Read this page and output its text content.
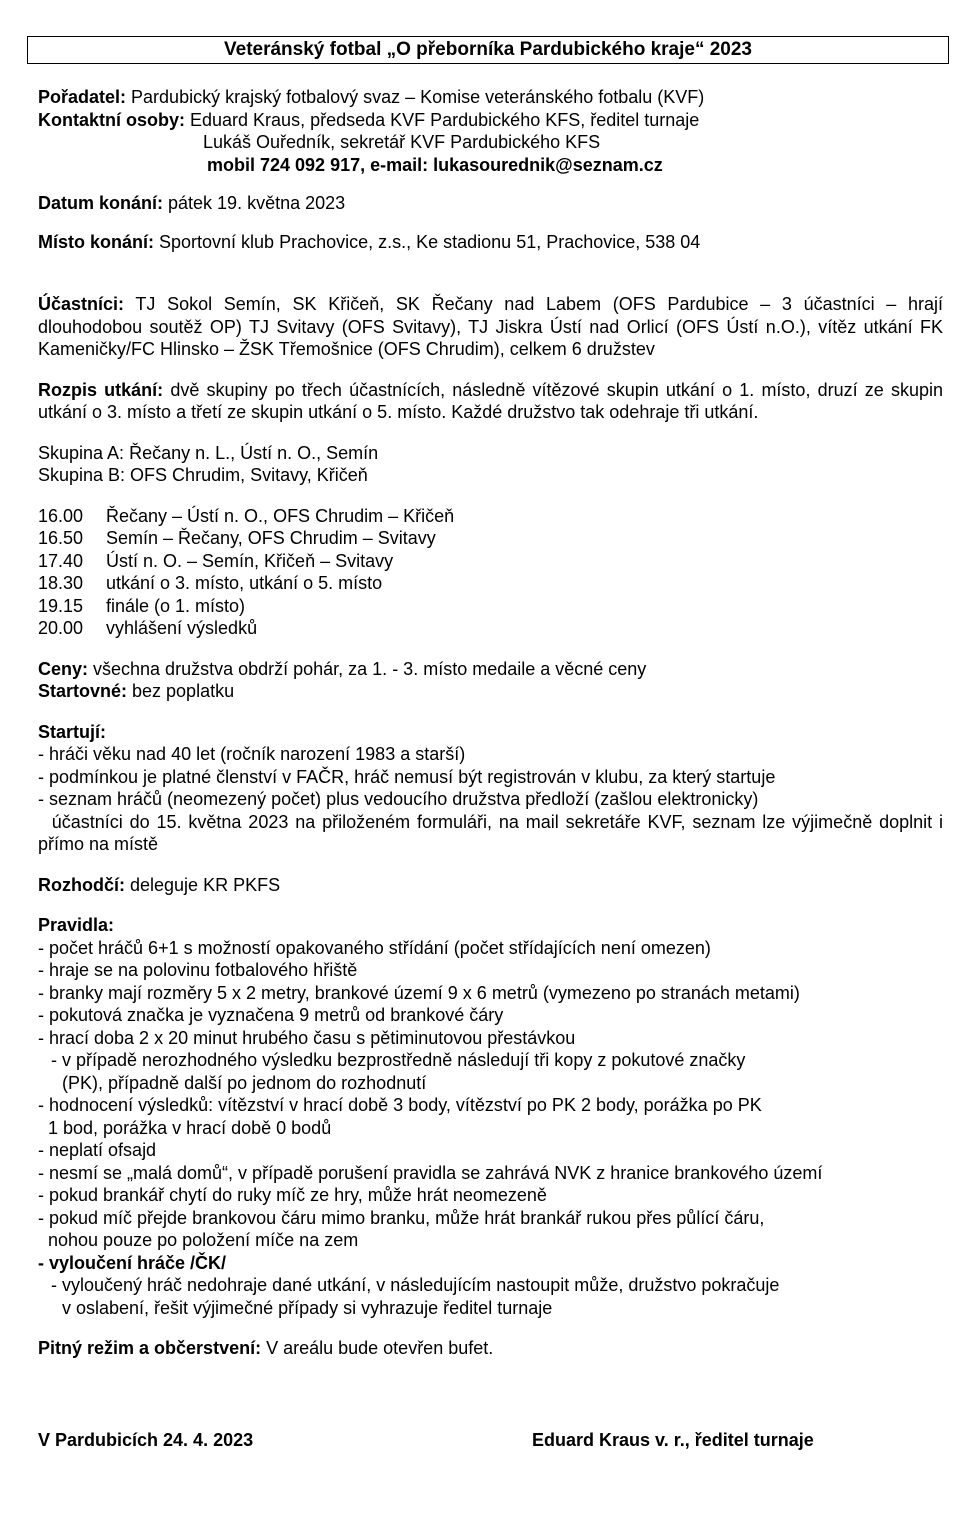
Veteránský fotbal „O přeborníka Pardubického kraje“ 2023
Pořadatel: Pardubický krajský fotbalový svaz – Komise veteránského fotbalu (KVF)
Kontaktní osoby: Eduard Kraus, předseda KVF Pardubického KFS, ředitel turnaje
Lukáš Ouředník, sekretář KVF Pardubického KFS
mobil 724 092 917, e-mail: lukasourednik@seznam.cz
Datum konání: pátek 19. května 2023
Místo konání: Sportovní klub Prachovice, z.s., Ke stadionu 51, Prachovice, 538 04
Účastníci: TJ Sokol Semín, SK Křičeň, SK Řečany nad Labem (OFS Pardubice – 3 účastníci – hrají dlouhodobou soutěž OP) TJ Svitavy (OFS Svitavy), TJ Jiskra Ústí nad Orlicí (OFS Ústí n.O.), vítěz utkání FK Kameničky/FC Hlinsko – ŽSK Třemošnice (OFS Chrudim), celkem 6 družstev
Rozpis utkání: dvě skupiny po třech účastnících, následně vítězové skupin utkání o 1. místo, druzí ze skupin utkání o 3. místo a třetí ze skupin utkání o 5. místo. Každé družstvo tak odehraje tři utkání.
Skupina A: Řečany n. L., Ústí n. O., Semín
Skupina B: OFS Chrudim, Svitavy, Křičeň
16.00	Řečany – Ústí n. O., OFS Chrudim – Křičeň
16.50	Semín – Řečany, OFS Chrudim – Svitavy
17.40	Ústí n. O. – Semín, Křičeň – Svitavy
18.30	utkání o 3. místo, utkání o 5. místo
19.15	finále (o 1. místo)
20.00	vyhlášení výsledků
Ceny: všechna družstva obdrží pohár, za 1. - 3. místo medaile a věcné ceny
Startovné: bez poplatku
Startují:
- hráči věku nad 40 let (ročník narození 1983 a starší)
- podmínkou je platné členství v FAČR, hráč nemusí být registrován v klubu, za který startuje
- seznam hráčů (neomezený počet) plus vedoucího družstva předloží (zašlou elektronicky)
účastníci do 15. května 2023 na přiloženém formuláři, na mail sekretáře KVF, seznam lze výjimečně doplnit i přímo na místě
Rozhodčí: deleguje KR PKFS
Pravidla:
- počet hráčů 6+1 s možností opakovaného střídání (počet střídajících není omezen)
- hraje se na polovinu fotbalového hřiště
- branky mají rozměry 5 x 2 metry, brankové území 9 x 6 metrů (vymezeno po stranách metami)
- pokutová značka je vyznačena 9 metrů od brankové čáry
- hrací doba 2 x 20 minut hrubého času s pětiminutovou přestávkou
- v případě nerozhodného výsledku bezprostředně následují tři kopy z pokutové značky
(PK), případně další po jednom do rozhodnutí
- hodnocení výsledků: vítězství v hrací době 3 body, vítězství po PK 2 body, porážka po PK
1 bod, porážka v hrací době 0 bodů
- neplatí ofsajd
- nesmí se „malá domů“, v případě porušení pravidla se zahrává NVK z hranice brankového území
- pokud brankář chytí do ruky míč ze hry, může hrát neomezeně
- pokud míč přejde brankovou čáru mimo branku, může hrát brankář rukou přes půlící čáru,
nohou pouze po položení míče na zem
- vyloučení hráče /ČK/
- vyloučený hráč nedohraje dané utkání, v následujícím nastoupit může, družstvo pokračuje
v oslabení, řešit výjimečné případy si vyhrazuje ředitel turnaje
Pitný režim a občerstvení: V areálu bude otevřen bufet.
V Pardubicích 24. 4. 2023	Eduard Kraus v. r., ředitel turnaje
